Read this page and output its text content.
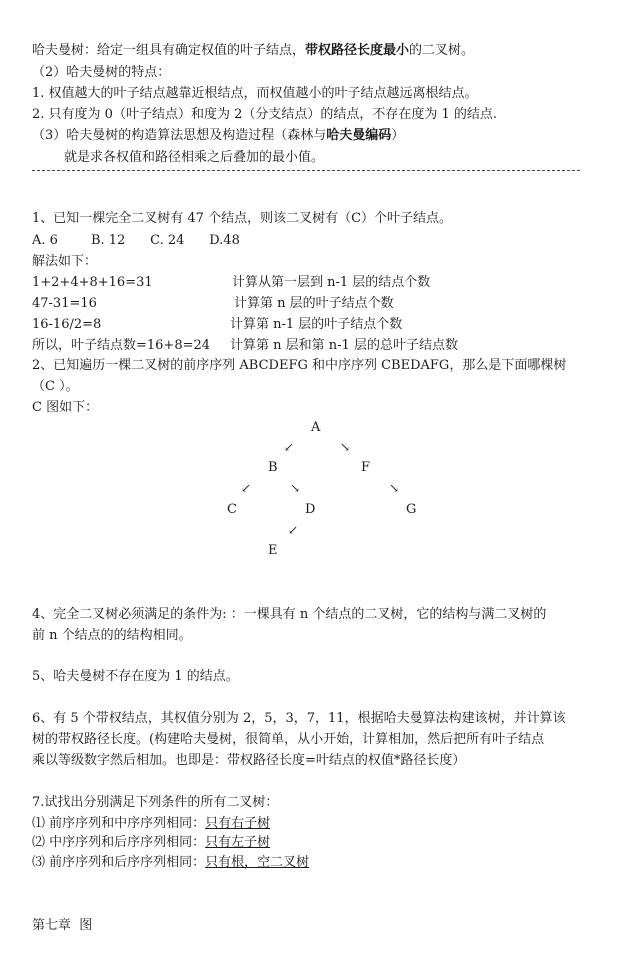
哈夫曼树：给定一组具有确定权值的叶子结点，带权路径长度最小的二叉树。
（2）哈夫曼树的特点：
1. 权值越大的叶子结点越靠近根结点，而权值越小的叶子结点越远离根结点。
2. 只有度为 0（叶子结点）和度为 2（分支结点）的结点，不存在度为 1 的结点.
（3）哈夫曼树的构造算法思想及构造过程（森林与哈夫曼编码）
就是求各权值和路径相乘之后叠加的最小值。
1、已知一棵完全二叉树有 47 个结点，则该二叉树有（C）个叶子结点。
A. 6        B. 12      C. 24      D.48
解法如下：
1+2+4+8+16=31	计算从第一层到 n-1 层的结点个数
47-31=16	计算第 n 层的叶子结点个数
16-16/2=8	计算第 n-1 层的叶子结点个数
所以，叶子结点数=16+8=24 计算第 n 层和第 n-1 层的总叶子结点数
2、已知遍历一棵二叉树的前序序列 ABCDEFG 和中序序列 CBEDAFG，那么是下面哪棵树
（C ）。
C 图如下：
A
↙	↘
B	F
↙	↘	↘
C	D	G
↙
E
4、完全二叉树必须满足的条件为: ：一棵具有 n 个结点的二叉树，它的结构与满二叉树的
前 n 个结点的的结构相同。
5、哈夫曼树不存在度为 1 的结点。
6、有 5 个带权结点，其权值分别为 2，5，3，7，11，根据哈夫曼算法构建该树，并计算该
树的带权路径长度。(构建哈夫曼树，很简单，从小开始，计算相加，然后把所有叶子结点
乘以等级数字然后相加。也即是：带权路径长度=叶结点的权值*路径长度）
7.试找出分别满足下列条件的所有二叉树：
⑴ 前序序列和中序序列相同：只有右子树
⑵ 中序序列和后序序列相同：只有左子树
⑶ 前序序列和后序序列相同：只有根，空二叉树
第七章  图
